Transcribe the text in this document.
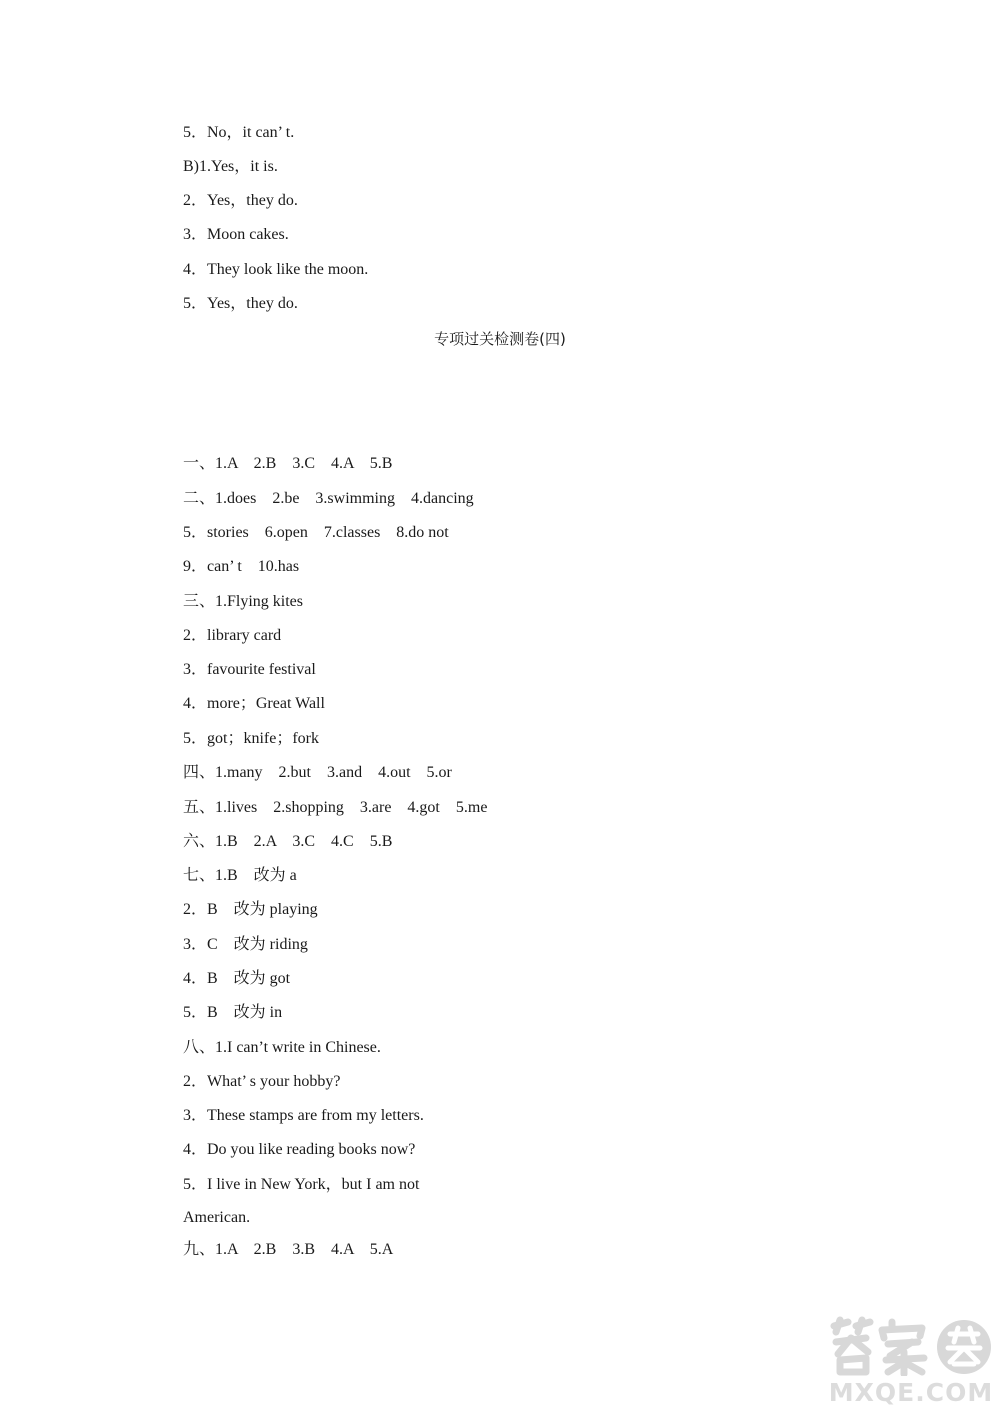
5．No，it can’ t.
B)1.Yes，it is.
2．Yes，they do.
3．Moon cakes.
4．They look like the moon.
5．Yes，they do.
专项过关检测卷(四)
一、1.A    2.B    3.C    4.A    5.B
二、1.does    2.be    3.swimming    4.dancing
5．stories    6.open    7.classes    8.do not
9．can’ t    10.has
三、1.Flying kites
2．library card
3．favourite festival
4．more；Great Wall
5．got；knife；fork
四、1.many    2.but    3.and    4.out    5.or
五、1.lives    2.shopping    3.are    4.got    5.me
六、1.B    2.A    3.C    4.C    5.B
七、1.B    改为 a
2．B    改为 playing
3．C    改为 riding
4．B    改为 got
5．B    改为 in
八、1.I can’t write in Chinese.
2．What’ s your hobby?
3．These stamps are from my letters.
4．Do you like reading books now?
5．I live in New York，but I am not
American.
九、1.A    2.B    3.B    4.A    5.A
MXQE.COM
